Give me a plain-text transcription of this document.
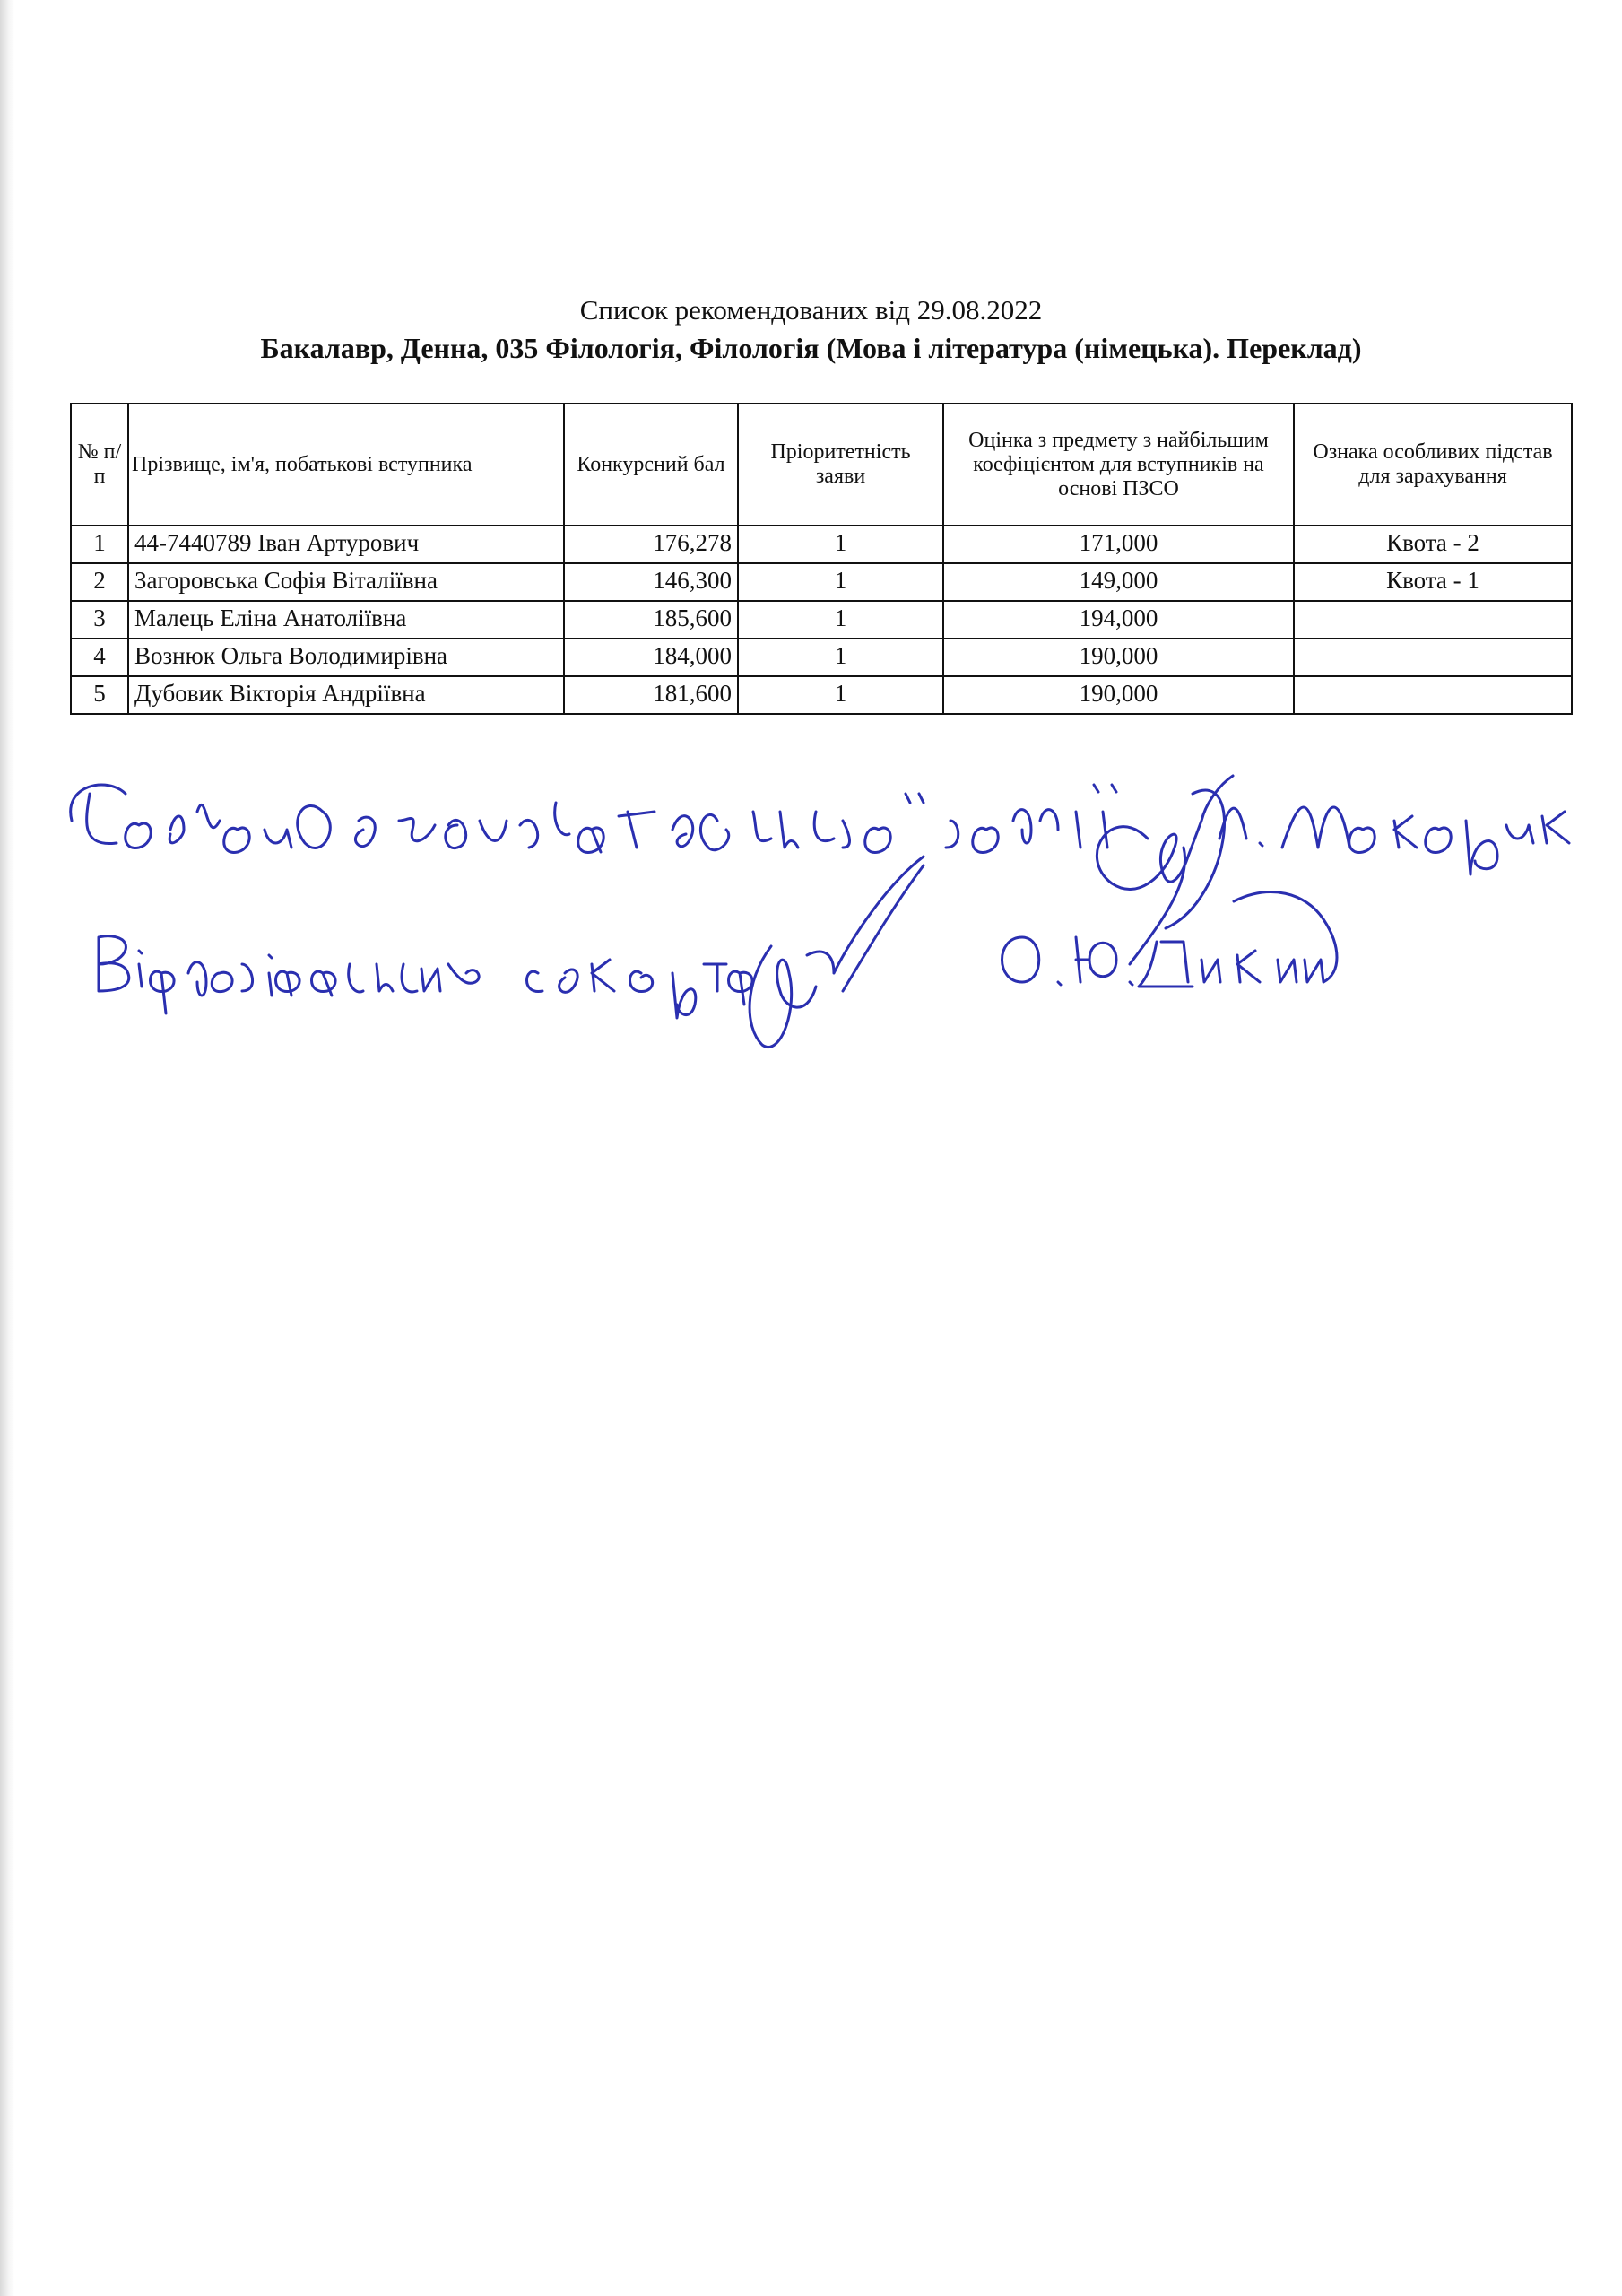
Список рекомендованих від 29.08.2022
Бакалавр, Денна, 035 Філологія, Філологія (Мова і література (німецька). Переклад)
№ п/п	Прізвище, ім'я, побатькові вступника	Конкурсний бал	Пріоритетність заяви	Оцінка з предмету з найбільшим коефіцієнтом для вступників на основі ПЗСО	Ознака особливих підстав для зарахування
1	44-7440789 Іван Артурович	176,278	1	171,000	Квота - 2
2	Загоровська Софія Віталіївна	146,300	1	149,000	Квота - 1
3	Малець Еліна Анатоліївна	185,600	1	194,000	
4	Вознюк Ольга Володимирівна	184,000	1	190,000	
5	Дубовик Вікторія Андріївна	181,600	1	190,000	
